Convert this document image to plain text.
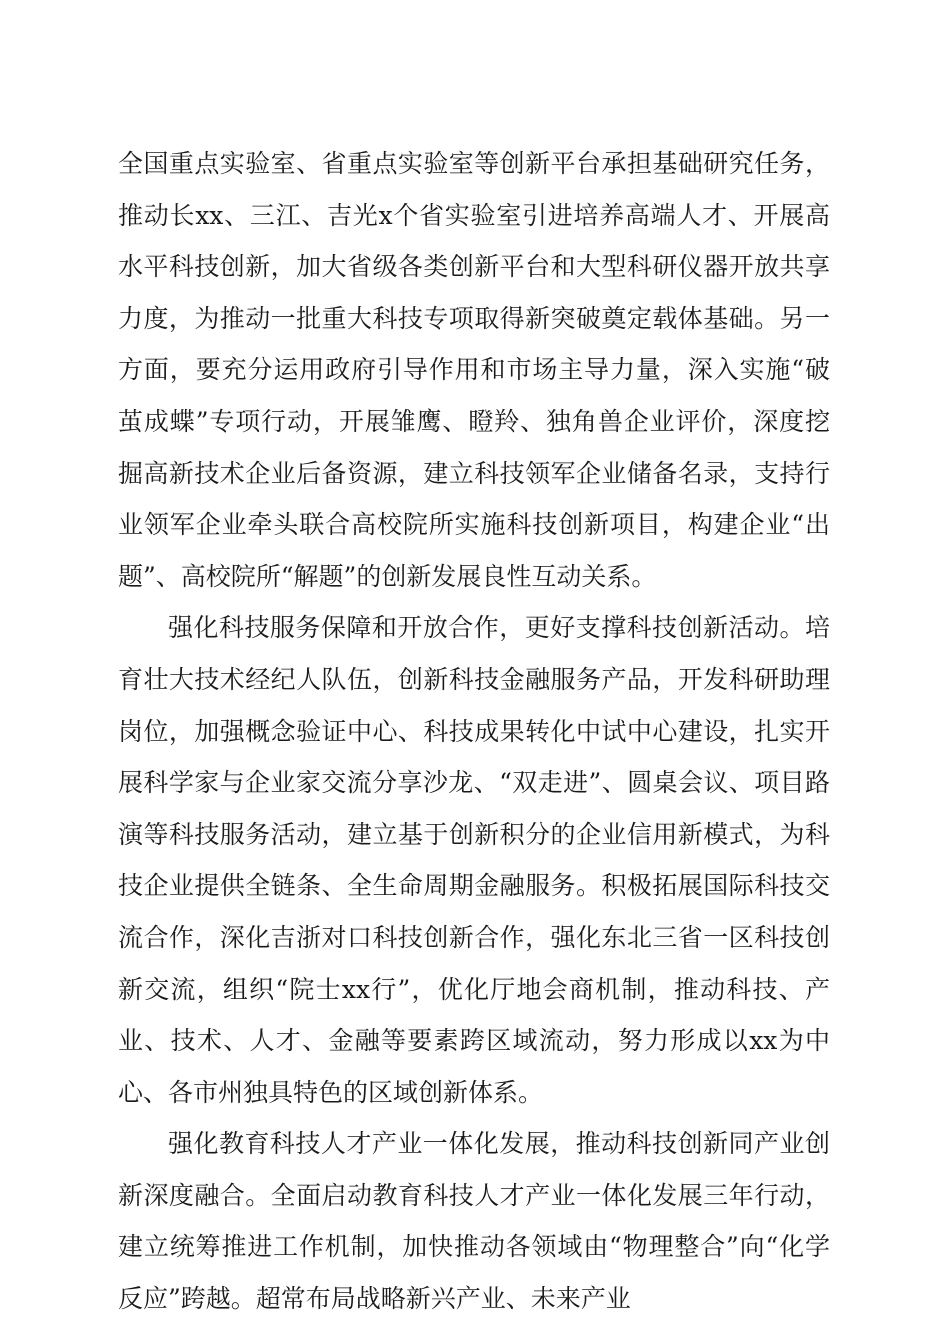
全国重点实验室、省重点实验室等创新平台承担基础研究任务，推动长xx、三江、吉光x个省实验室引进培养高端人才、开展高水平科技创新，加大省级各类创新平台和大型科研仪器开放共享力度，为推动一批重大科技专项取得新突破奠定载体基础。另一方面，要充分运用政府引导作用和市场主导力量，深入实施“破茧成蝶”专项行动，开展雏鹰、瞪羚、独角兽企业评价，深度挖掘高新技术企业后备资源，建立科技领军企业储备名录，支持行业领军企业牵头联合高校院所实施科技创新项目，构建企业“出题”、高校院所“解题”的创新发展良性互动关系。

强化科技服务保障和开放合作，更好支撑科技创新活动。培育壮大技术经纪人队伍，创新科技金融服务产品，开发科研助理岗位，加强概念验证中心、科技成果转化中试中心建设，扎实开展科学家与企业家交流分享沙龙、“双走进”、圆桌会议、项目路演等科技服务活动，建立基于创新积分的企业信用新模式，为科技企业提供全链条、全生命周期金融服务。积极拓展国际科技交流合作，深化吉浙对口科技创新合作，强化东北三省一区科技创新交流，组织“院士xx行”，优化厅地会商机制，推动科技、产业、技术、人才、金融等要素跨区域流动，努力形成以xx为中心、各市州独具特色的区域创新体系。

强化教育科技人才产业一体化发展，推动科技创新同产业创新深度融合。全面启动教育科技人才产业一体化发展三年行动，建立统筹推进工作机制，加快推动各领域由“物理整合”向“化学反应”跨越。超常布局战略新兴产业、未来产业
